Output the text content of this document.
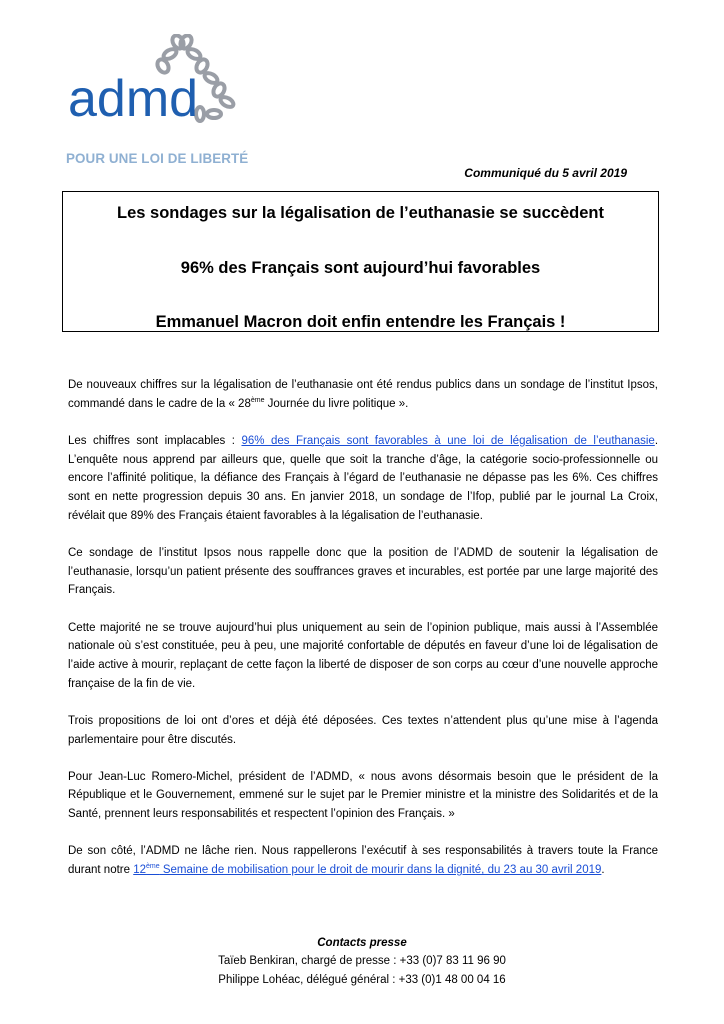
admd
POUR UNE LOI DE LIBERTÉ
Communiqué du 5 avril 2019

Les sondages sur la légalisation de l’euthanasie se succèdent

96% des Français sont aujourd’hui favorables

Emmanuel Macron doit enfin entendre les Français !

De nouveaux chiffres sur la légalisation de l’euthanasie ont été rendus publics dans un sondage de l’institut Ipsos, commandé dans le cadre de la « 28ème Journée du livre politique ».

Les chiffres sont implacables : 96% des Français sont favorables à une loi de légalisation de l’euthanasie. L’enquête nous apprend par ailleurs que, quelle que soit la tranche d’âge, la catégorie socio-professionnelle ou encore l’affinité politique, la défiance des Français à l’égard de l’euthanasie ne dépasse pas les 6%. Ces chiffres sont en nette progression depuis 30 ans. En janvier 2018, un sondage de l’Ifop, publié par le journal La Croix, révélait que 89% des Français étaient favorables à la légalisation de l’euthanasie.

Ce sondage de l’institut Ipsos nous rappelle donc que la position de l’ADMD de soutenir la légalisation de l’euthanasie, lorsqu’un patient présente des souffrances graves et incurables, est portée par une large majorité des Français.

Cette majorité ne se trouve aujourd’hui plus uniquement au sein de l’opinion publique, mais aussi à l’Assemblée nationale où s’est constituée, peu à peu, une majorité confortable de députés en faveur d’une loi de légalisation de l’aide active à mourir, replaçant de cette façon la liberté de disposer de son corps au cœur d’une nouvelle approche française de la fin de vie.

Trois propositions de loi ont d’ores et déjà été déposées. Ces textes n’attendent plus qu’une mise à l’agenda parlementaire pour être discutés.

Pour Jean-Luc Romero-Michel, président de l’ADMD, « nous avons désormais besoin que le président de la République et le Gouvernement, emmené sur le sujet par le Premier ministre et la ministre des Solidarités et de la Santé, prennent leurs responsabilités et respectent l’opinion des Français. »

De son côté, l’ADMD ne lâche rien. Nous rappellerons l’exécutif à ses responsabilités à travers toute la France durant notre 12ème Semaine de mobilisation pour le droit de mourir dans la dignité, du 23 au 30 avril 2019.

Contacts presse
Taïeb Benkiran, chargé de presse : +33 (0)7 83 11 96 90
Philippe Lohéac, délégué général : +33 (0)1 48 00 04 16
